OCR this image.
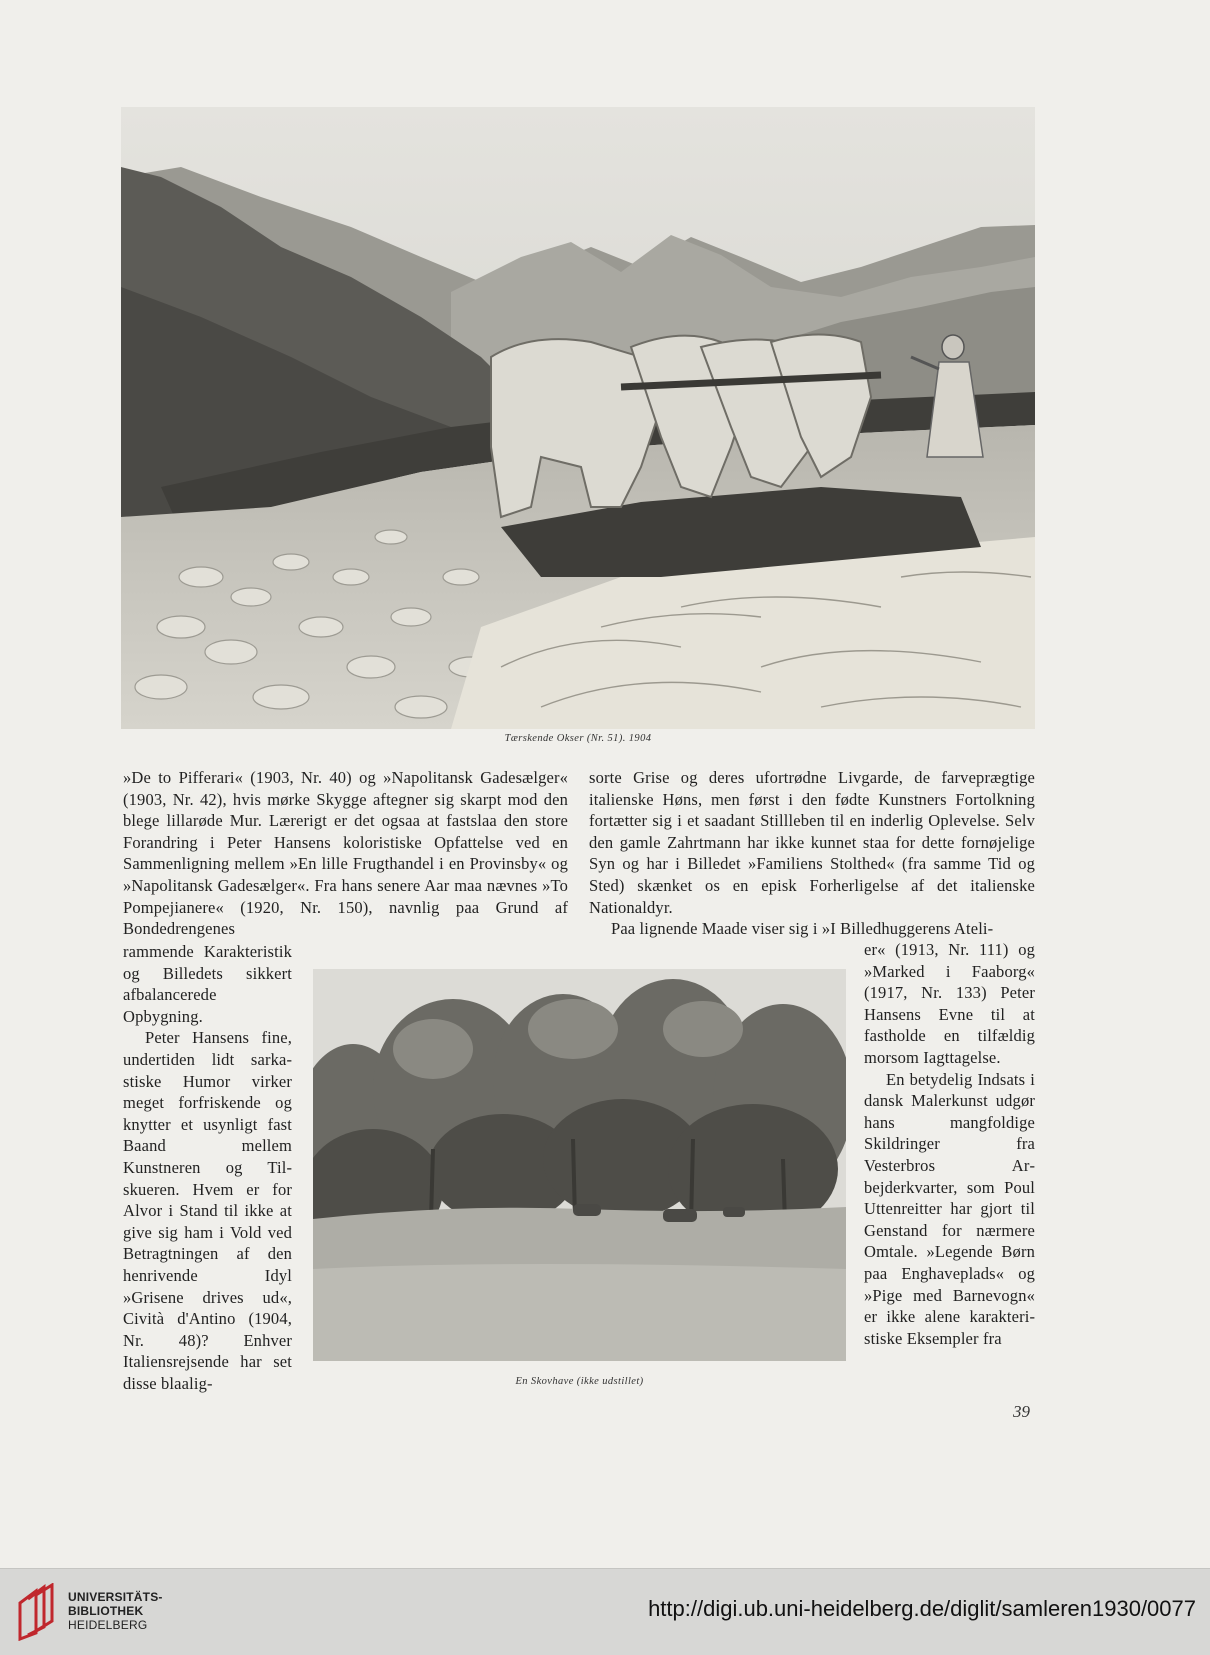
Tærskende Okser (Nr. 51). 1904

»De to Pifferari« (1903, Nr. 40) og »Napolitansk Gadesælger« (1903, Nr. 42), hvis mørke Skygge aftegner sig skarpt mod den blege lillarøde Mur. Lærerigt er det ogsaa at fastslaa den store Forandring i Peter Hansens koloristiske Opfattelse ved en Sammenligning mellem »En lille Frugthandel i en Provinsby« og »Napolitansk Gadesælger«. Fra hans senere Aar maa nævnes »To Pompejianere« (1920, Nr. 150), navnlig paa Grund af Bondedrengenes

sorte Grise og deres ufortrødne Livgarde, de farveprægtige italienske Høns, men først i den fødte Kunstners Fortolkning fortætter sig i et saadant Stillleben til en inderlig Oplevelse. Selv den gamle Zahrtmann har ikke kunnet staa for dette fornøjelige Syn og har i Billedet »Familiens Stolthed« (fra samme Tid og Sted) skænket os en episk Forherligelse af det italienske Nationaldyr.

Paa lignende Maade viser sig i »I Billedhuggerens Ateli-

rammende Karakteristik og Billedets sikkert afbalancerede Opbygning.

Peter Hansens fine, undertiden lidt sarkastiske Humor virker meget forfriskende og knytter et usynligt fast Baand mellem Kunstneren og Tilskueren. Hvem er for Alvor i Stand til ikke at give sig ham i Vold ved Betragtningen af den henrivende Idyl »Grisene drives ud«, Cività d'Antino (1904, Nr. 48)? Enhver Italiensrejsende har set disse blaalig-

er« (1913, Nr. 111) og »Marked i Faaborg« (1917, Nr. 133) Peter Hansens Evne til at fastholde en tilfældig morsom Iagttagelse.

En betydelig Indsats i dansk Malerkunst udgør hans mangfoldige Skildringer fra Vesterbros Arbejderkvarter, som Poul Uttenreitter har gjort til Genstand for nærmere Omtale. »Legende Børn paa Enghaveplads« og »Pige med Barnevogn« er ikke alene karakteristiske Eksempler fra

En Skovhave (ikke udstillet)
39
UNIVERSITÄTS-
BIBLIOTHEK
HEIDELBERG
http://digi.ub.uni-heidelberg.de/diglit/samleren1930/0077
